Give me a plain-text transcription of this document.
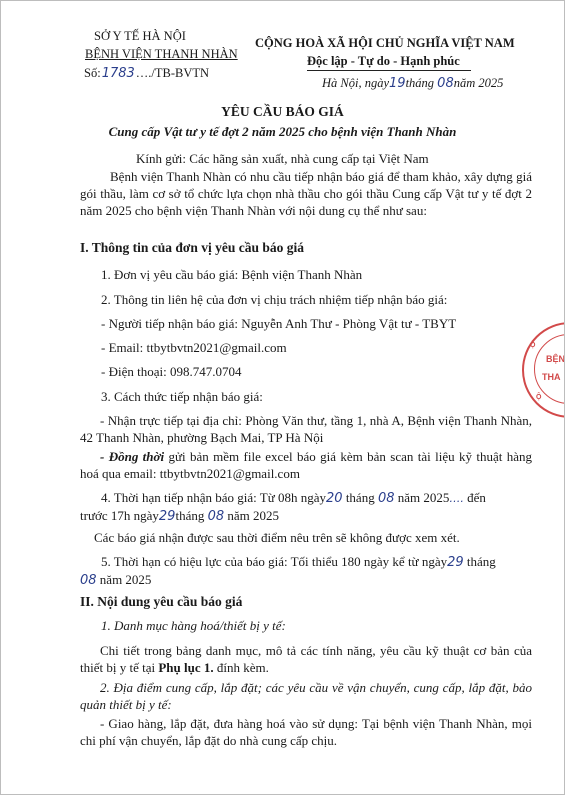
SỞ Y TẾ HÀ NỘI
BỆNH VIỆN THANH NHÀN
Số:1783…./TB-BVTN
CỘNG HOÀ XÃ HỘI CHỦ NGHĨA VIỆT NAM
Độc lập - Tự do - Hạnh phúc
Hà Nội, ngày19tháng 08năm 2025
YÊU CẦU BÁO GIÁ
Cung cấp Vật tư y tế đợt 2 năm 2025 cho bệnh viện Thanh Nhàn
Kính gửi: Các hãng sản xuất, nhà cung cấp tại Việt Nam
Bệnh viện Thanh Nhàn có nhu cầu tiếp nhận báo giá để tham khảo, xây dựng giá gói thầu, làm cơ sở tổ chức lựa chọn nhà thầu cho gói thầu Cung cấp Vật tư y tế đợt 2 năm 2025 cho bệnh viện Thanh Nhàn với nội dung cụ thể như sau:
I. Thông tin của đơn vị yêu cầu báo giá
1. Đơn vị yêu cầu báo giá: Bệnh viện Thanh Nhàn
2. Thông tin liên hệ của đơn vị chịu trách nhiệm tiếp nhận báo giá:
- Người tiếp nhận báo giá: Nguyễn Anh Thư - Phòng Vật tư - TBYT
- Email: ttbytbvtn2021@gmail.com
- Điện thoại: 098.747.0704
3. Cách thức tiếp nhận báo giá:
- Nhận trực tiếp tại địa chỉ: Phòng Văn thư, tầng 1, nhà A, Bệnh viện Thanh Nhàn, 42 Thanh Nhàn, phường Bạch Mai, TP Hà Nội
- Đồng thời gửi bản mềm file excel báo giá kèm bản scan tài liệu kỹ thuật hàng hoá qua email: ttbytbvtn2021@gmail.com
4. Thời hạn tiếp nhận báo giá: Từ 08h ngày20 tháng 08 năm 2025…. đến
trước 17h ngày29tháng 08 năm 2025
Các báo giá nhận được sau thời điểm nêu trên sẽ không được xem xét.
5. Thời hạn có hiệu lực của báo giá: Tối thiểu 180 ngày kể từ ngày29 tháng
08 năm 2025
II. Nội dung yêu cầu báo giá
1. Danh mục hàng hoá/thiết bị y tế:
Chi tiết trong bảng danh mục, mô tả các tính năng, yêu cầu kỹ thuật cơ bản của thiết bị y tế tại Phụ lục 1. đính kèm.
2. Địa điểm cung cấp, lắp đặt; các yêu cầu về vận chuyển, cung cấp, lắp đặt, bảo quản thiết bị y tế:
- Giao hàng, lắp đặt, đưa hàng hoá vào sử dụng: Tại bệnh viện Thanh Nhàn, mọi chi phí vận chuyển, lắp đặt do nhà cung cấp chịu.
BỆN
THA
Ộ
Ộ
